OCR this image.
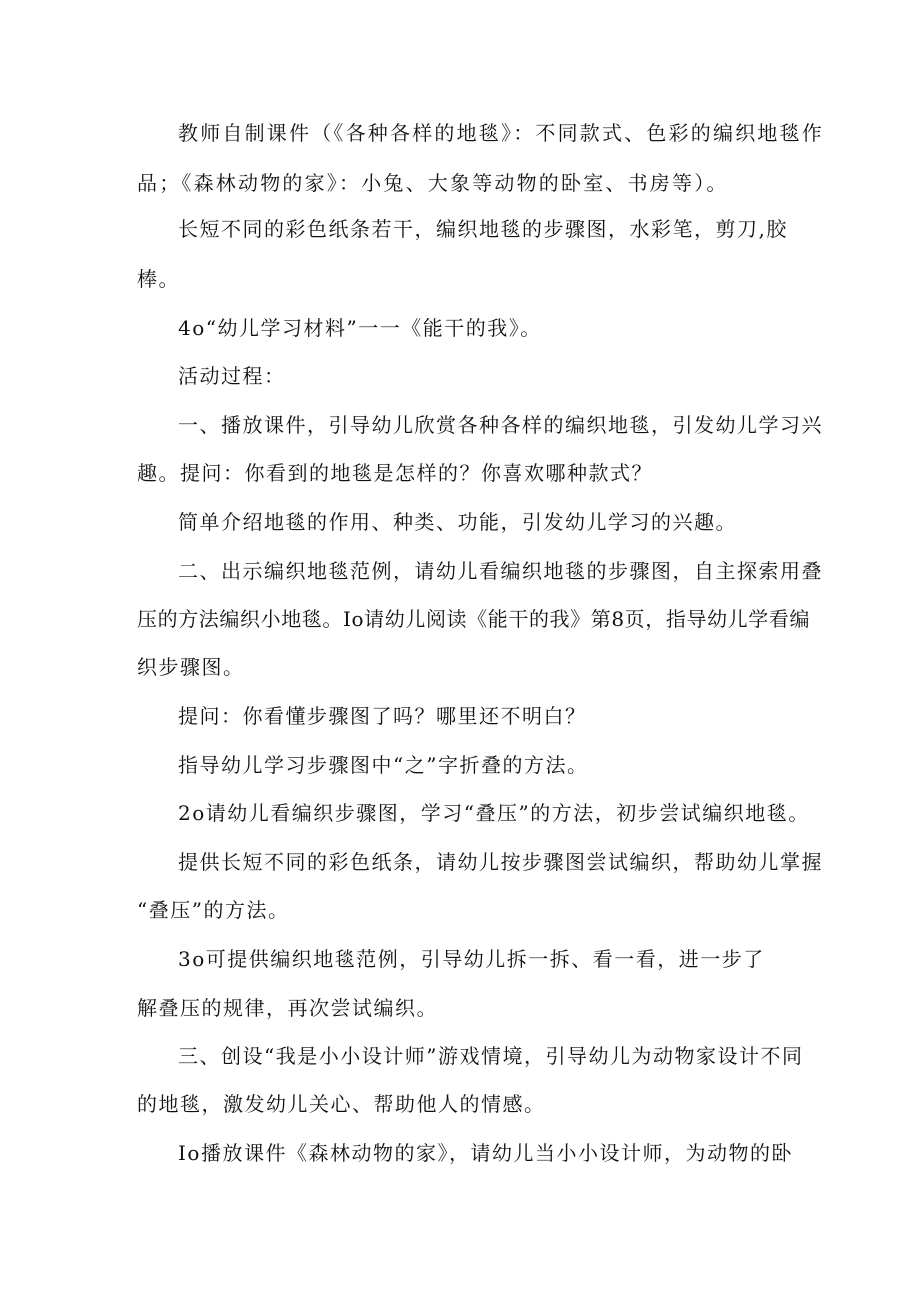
教师自制课件（《各种各样的地毯》：不同款式、色彩的编织地毯作
品；《森林动物的家》：小兔、大象等动物的卧室、书房等）。
长短不同的彩色纸条若干，编织地毯的步骤图，水彩笔，剪刀,胶
棒。
4o“幼儿学习材料”一一《能干的我》。
活动过程：
一、播放课件，引导幼儿欣赏各种各样的编织地毯，引发幼儿学习兴
趣。提问：你看到的地毯是怎样的？你喜欢哪种款式？
简单介绍地毯的作用、种类、功能，引发幼儿学习的兴趣。
二、出示编织地毯范例，请幼儿看编织地毯的步骤图，自主探索用叠
压的方法编织小地毯。Io请幼儿阅读《能干的我》第8页，指导幼儿学看编
织步骤图。
提问：你看懂步骤图了吗？哪里还不明白？
指导幼儿学习步骤图中“之”字折叠的方法。
2o请幼儿看编织步骤图，学习“叠压”的方法，初步尝试编织地毯。
提供长短不同的彩色纸条，请幼儿按步骤图尝试编织，帮助幼儿掌握
“叠压”的方法。
3o可提供编织地毯范例，引导幼儿拆一拆、看一看，进一步了
解叠压的规律，再次尝试编织。
三、创设“我是小小设计师”游戏情境，引导幼儿为动物家设计不同
的地毯，激发幼儿关心、帮助他人的情感。
Io播放课件《森林动物的家》，请幼儿当小小设计师，为动物的卧
